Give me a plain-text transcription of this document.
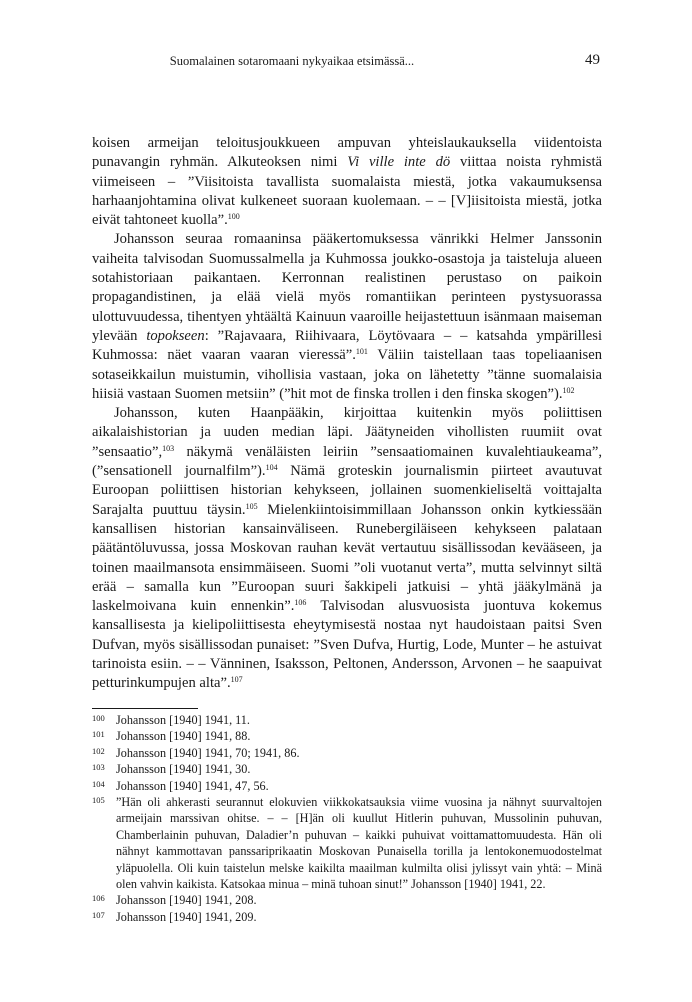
Suomalainen sotaromaani nykyaikaa etsimässä...	49

koisen armeijan teloitusjoukkueen ampuvan yhteislaukauksella viidentoista punavangin ryhmän. Alkuteoksen nimi Vi ville inte dö viittaa noista ryhmistä viimeiseen – ”Viisitoista tavallista suomalaista miestä, jotka vakaumuksensa harhaanjohtamina olivat kulkeneet suoraan kuolemaan. – – [V]iisitoista miestä, jotka eivät tahtoneet kuolla”.$^{100}$

Johansson seuraa romaaninsa pääkertomuksessa vänrikki Helmer Janssonin vaiheita talvisodan Suomussalmella ja Kuhmossa joukko-osastoja ja taisteluja alueen sotahistoriaan paikantaen. Kerronnan realistinen perustaso on paikoin propagandistinen, ja elää vielä myös romantiikan perinteen pystysuorassa ulottuvuudessa, tihentyen yhtäältä Kainuun vaaroille heijastettuun isänmaan maiseman ylevään topokseen: ”Rajavaara, Riihivaara, Löytövaara – – katsahda ympärillesi Kuhmossa: näet vaaran vaaran vieressä”.$^{101}$ Väliin taistellaan taas topeliaanisen sotaseikkailun muistumin, vihollisia vastaan, joka on lähetetty ”tänne suomalaisia hiisiä vastaan Suomen metsiin” (”hit mot de finska trollen i den finska skogen”).$^{102}$

Johansson, kuten Haanpääkin, kirjoittaa kuitenkin myös poliittisen aikalaishistorian ja uuden median läpi. Jäätyneiden vihollisten ruumiit ovat ”sensaatio”,$^{103}$ näkymä venäläisten leiriin ”sensaatiomainen kuvalehtiaukeama”, (”sensationell journalfilm”).$^{104}$ Nämä groteskin journalismin piirteet avautuvat Euroopan poliittisen historian kehykseen, jollainen suomenkieliseltä voittajalta Sarajalta puuttuu täysin.$^{105}$ Mielenkiintoisimmillaan Johansson onkin kytkiessään kansallisen historian kansainväliseen. Runebergiläiseen kehykseen palataan päätäntöluvussa, jossa Moskovan rauhan kevät vertautuu sisällissodan kevääseen, ja toinen maailmansota ensimmäiseen. Suomi ”oli vuotanut verta”, mutta selvinnyt siltä erää – samalla kun ”Euroopan suuri šakkipeli jatkuisi – yhtä jääkylmänä ja laskelmoivana kuin ennenkin”.$^{106}$ Talvisodan alusvuosista juontuva kokemus kansallisesta ja kielipoliittisesta eheytymisestä nostaa nyt haudoistaan paitsi Sven Dufvan, myös sisällissodan punaiset: ”Sven Dufva, Hurtig, Lode, Munter – he astuivat tarinoista esiin. – – Vänninen, Isaksson, Peltonen, Andersson, Arvonen – he saapuivat petturinkumpujen alta”.$^{107}$

100 Johansson [1940] 1941, 11.
101 Johansson [1940] 1941, 88.
102 Johansson [1940] 1941, 70; 1941, 86.
103 Johansson [1940] 1941, 30.
104 Johansson [1940] 1941, 47, 56.
105 ”Hän oli ahkerasti seurannut elokuvien viikkokatsauksia viime vuosina ja nähnyt suurvaltojen armeijain marssivan ohitse. – – [H]än oli kuullut Hitlerin puhuvan, Mussolinin puhuvan, Chamberlainin puhuvan, Daladier’n puhuvan – kaikki puhuivat voittamattomuudesta. Hän oli nähnyt kammottavan panssariprikaatin Moskovan Punaisella torilla ja lentokonemuodostelmat yläpuolella. Oli kuin taistelun melske kaikilta maailman kulmilta olisi jylissyt vain yhtä: – Minä olen vahvin kaikista. Katsokaa minua – minä tuhoan sinut!” Johansson [1940] 1941, 22.
106 Johansson [1940] 1941, 208.
107 Johansson [1940] 1941, 209.
